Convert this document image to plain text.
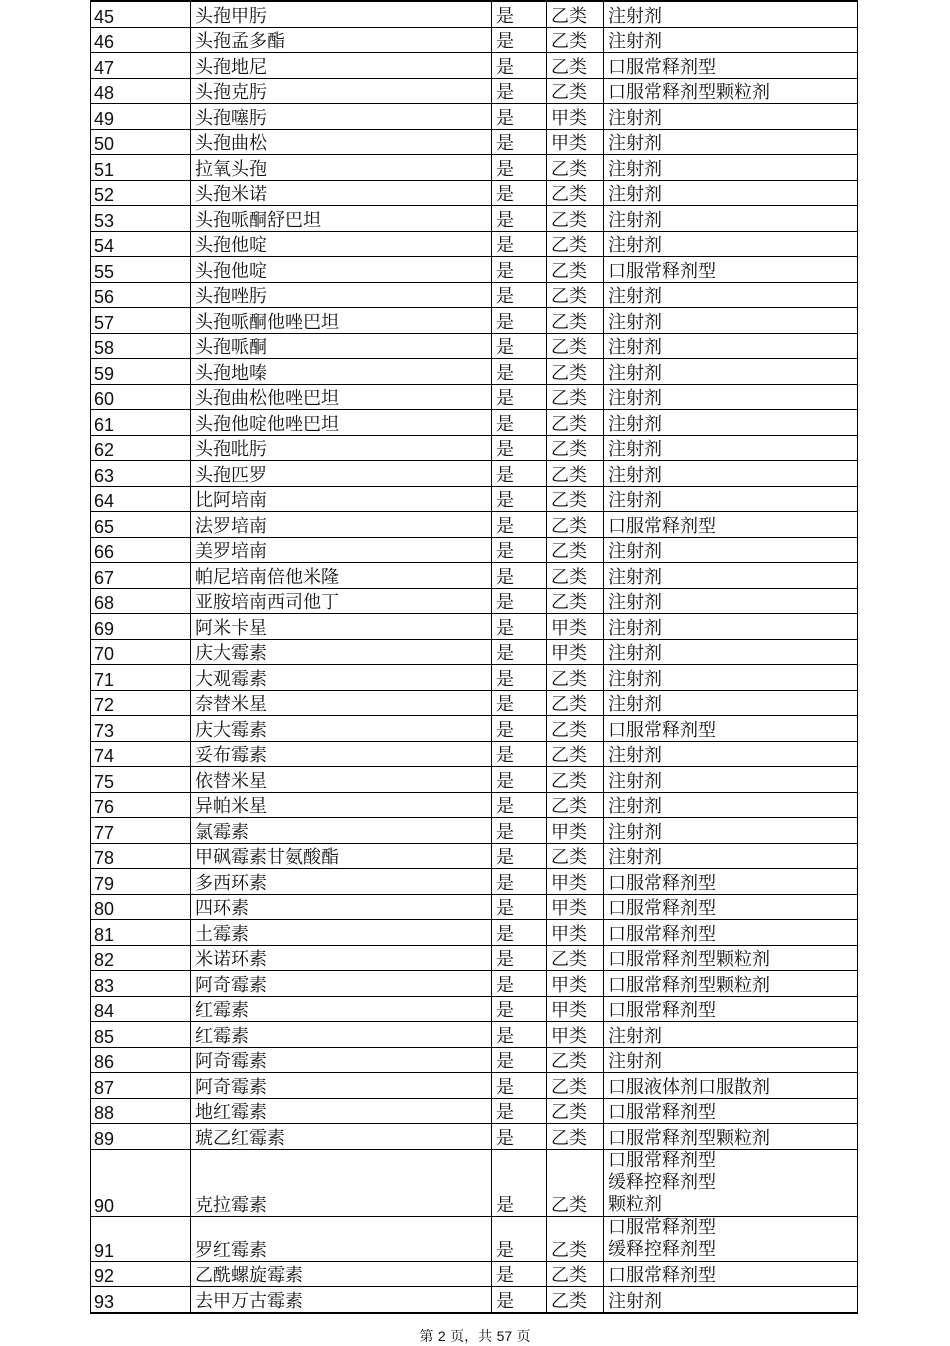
45	头孢甲肟	是	乙类	注射剂

46	头孢孟多酯	是	乙类	注射剂

47	头孢地尼	是	乙类	口服常释剂型

48	头孢克肟	是	乙类	口服常释剂型颗粒剂

49	头孢噻肟	是	甲类	注射剂

50	头孢曲松	是	甲类	注射剂

51	拉氧头孢	是	乙类	注射剂

52	头孢米诺	是	乙类	注射剂

53	头孢哌酮舒巴坦	是	乙类	注射剂

54	头孢他啶	是	乙类	注射剂

55	头孢他啶	是	乙类	口服常释剂型

56	头孢唑肟	是	乙类	注射剂

57	头孢哌酮他唑巴坦	是	乙类	注射剂

58	头孢哌酮	是	乙类	注射剂

59	头孢地嗪	是	乙类	注射剂

60	头孢曲松他唑巴坦	是	乙类	注射剂

61	头孢他啶他唑巴坦	是	乙类	注射剂

62	头孢吡肟	是	乙类	注射剂

63	头孢匹罗	是	乙类	注射剂

64	比阿培南	是	乙类	注射剂

65	法罗培南	是	乙类	口服常释剂型

66	美罗培南	是	乙类	注射剂

67	帕尼培南倍他米隆	是	乙类	注射剂

68	亚胺培南西司他丁	是	乙类	注射剂

69	阿米卡星	是	甲类	注射剂

70	庆大霉素	是	甲类	注射剂

71	大观霉素	是	乙类	注射剂

72	奈替米星	是	乙类	注射剂

73	庆大霉素	是	乙类	口服常释剂型

74	妥布霉素	是	乙类	注射剂

75	依替米星	是	乙类	注射剂

76	异帕米星	是	乙类	注射剂

77	氯霉素	是	甲类	注射剂

78	甲砜霉素甘氨酸酯	是	乙类	注射剂

79	多西环素	是	甲类	口服常释剂型

80	四环素	是	甲类	口服常释剂型

81	土霉素	是	甲类	口服常释剂型

82	米诺环素	是	乙类	口服常释剂型颗粒剂

83	阿奇霉素	是	甲类	口服常释剂型颗粒剂

84	红霉素	是	甲类	口服常释剂型

85	红霉素	是	甲类	注射剂

86	阿奇霉素	是	乙类	注射剂

87	阿奇霉素	是	乙类	口服液体剂口服散剂

88	地红霉素	是	乙类	口服常释剂型

89	琥乙红霉素	是	乙类	口服常释剂型颗粒剂

90	克拉霉素	是	乙类	口服常释剂型
缓释控释剂型
颗粒剂

91	罗红霉素	是	乙类	口服常释剂型
缓释控释剂型

92	乙酰螺旋霉素	是	乙类	口服常释剂型

93	去甲万古霉素	是	乙类	注射剂
第 2 页，共 57 页
